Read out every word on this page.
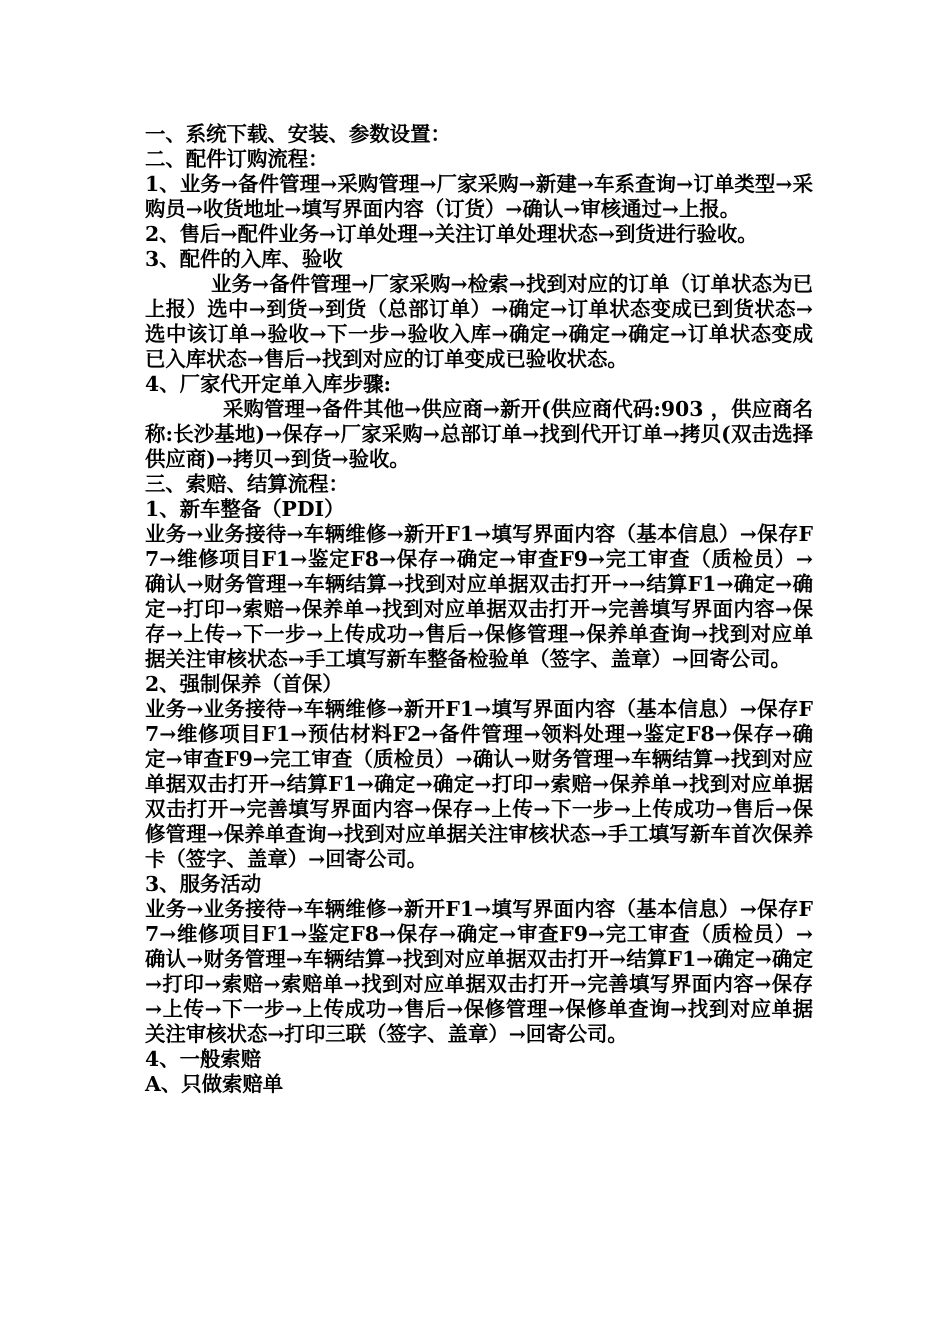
一、系统下载、安装、参数设置：

二、配件订购流程：

1、业务→备件管理→采购管理→厂家采购→新建→车系查询→订单类型→采购员→收货地址→填写界面内容（订货）→确认→审核通过→上报。

2、售后→配件业务→订单处理→关注订单处理状态→到货进行验收。

3、配件的入库、验收

业务→备件管理→厂家采购→检索→找到对应的订单（订单状态为已上报）选中→到货→到货（总部订单）→确定→订单状态变成已到货状态→选中该订单→验收→下一步→验收入库→确定→确定→确定→订单状态变成已入库状态→售后→找到对应的订单变成已验收状态。

4、厂家代开定单入库步骤:

采购管理→备件其他→供应商→新开(供应商代码:903 ，供应商名称:长沙基地)→保存→厂家采购→总部订单→找到代开订单→拷贝(双击选择供应商)→拷贝→到货→验收。

三、索赔、结算流程：

1、新车整备（PDI）

业务→业务接待→车辆维修→新开F1→填写界面内容（基本信息）→保存F7→维修项目F1→鉴定F8→保存→确定→审查F9→完工审查（质检员）→确认→财务管理→车辆结算→找到对应单据双击打开→→结算F1→确定→确定→打印→索赔→保养单→找到对应单据双击打开→完善填写界面内容→保存→上传→下一步→上传成功→售后→保修管理→保养单查询→找到对应单据关注审核状态→手工填写新车整备检验单（签字、盖章）→回寄公司。

2、强制保养（首保）

业务→业务接待→车辆维修→新开F1→填写界面内容（基本信息）→保存F7→维修项目F1→预估材料F2→备件管理→领料处理→鉴定F8→保存→确定→审查F9→完工审查（质检员）→确认→财务管理→车辆结算→找到对应单据双击打开→结算F1→确定→确定→打印→索赔→保养单→找到对应单据双击打开→完善填写界面内容→保存→上传→下一步→上传成功→售后→保修管理→保养单查询→找到对应单据关注审核状态→手工填写新车首次保养卡（签字、盖章）→回寄公司。

3、服务活动

业务→业务接待→车辆维修→新开F1→填写界面内容（基本信息）→保存F7→维修项目F1→鉴定F8→保存→确定→审查F9→完工审查（质检员）→确认→财务管理→车辆结算→找到对应单据双击打开→结算F1→确定→确定→打印→索赔→索赔单→找到对应单据双击打开→完善填写界面内容→保存→上传→下一步→上传成功→售后→保修管理→保修单查询→找到对应单据关注审核状态→打印三联（签字、盖章）→回寄公司。

4、一般索赔

A、只做索赔单
